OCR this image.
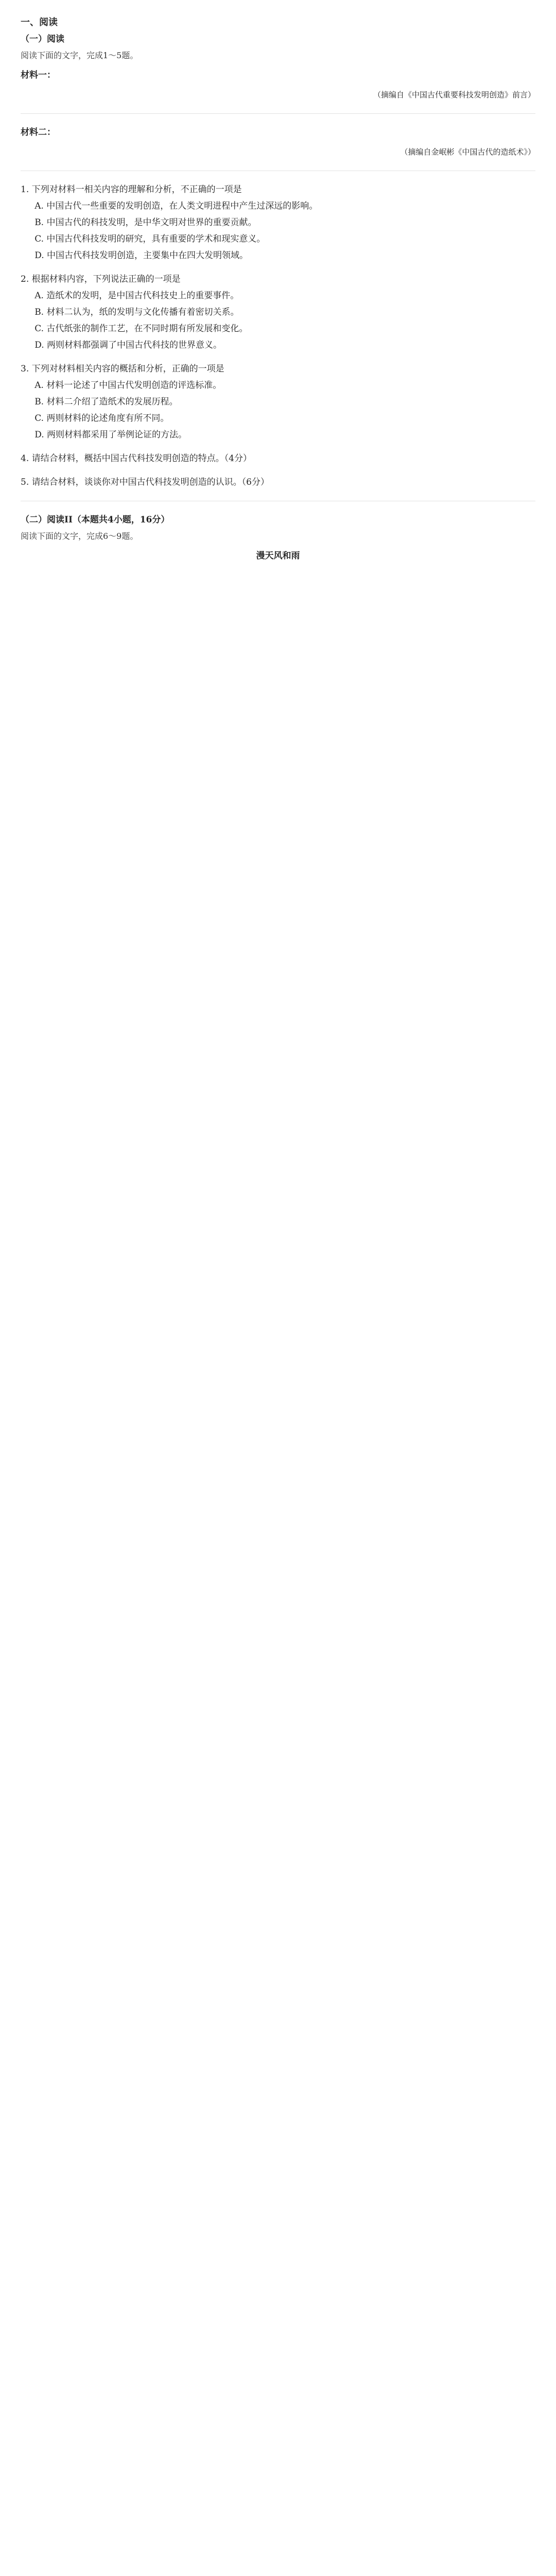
一、阅读
（一）阅读
阅读下面的文字，完成1～5题。
材料一：
（摘编自《中国古代重要科技发明创造》前言）
材料二：
（摘编自金岷彬《中国古代的造纸术》）
1. 下列对材料一相关内容的理解和分析，不正确的一项是
A. 中国古代一些重要的发明创造，在人类文明进程中产生过深远的影响。
B. 中国古代的科技发明，是中华文明对世界的重要贡献。
C. 中国古代科技发明的研究，具有重要的学术和现实意义。
D. 中国古代科技发明创造，主要集中在四大发明领域。
2. 根据材料内容，下列说法正确的一项是
A. 造纸术的发明，是中国古代科技史上的重要事件。
B. 材料二认为，纸的发明与文化传播有着密切关系。
C. 古代纸张的制作工艺，在不同时期有所发展和变化。
D. 两则材料都强调了中国古代科技的世界意义。
3. 下列对材料相关内容的概括和分析，正确的一项是
A. 材料一论述了中国古代发明创造的评选标准。
B. 材料二介绍了造纸术的发展历程。
C. 两则材料的论述角度有所不同。
D. 两则材料都采用了举例论证的方法。
4. 请结合材料，概括中国古代科技发明创造的特点。（4分）
5. 请结合材料，谈谈你对中国古代科技发明创造的认识。（6分）
（二）阅读II（本题共4小题，16分）
阅读下面的文字，完成6～9题。
漫天风和雨
